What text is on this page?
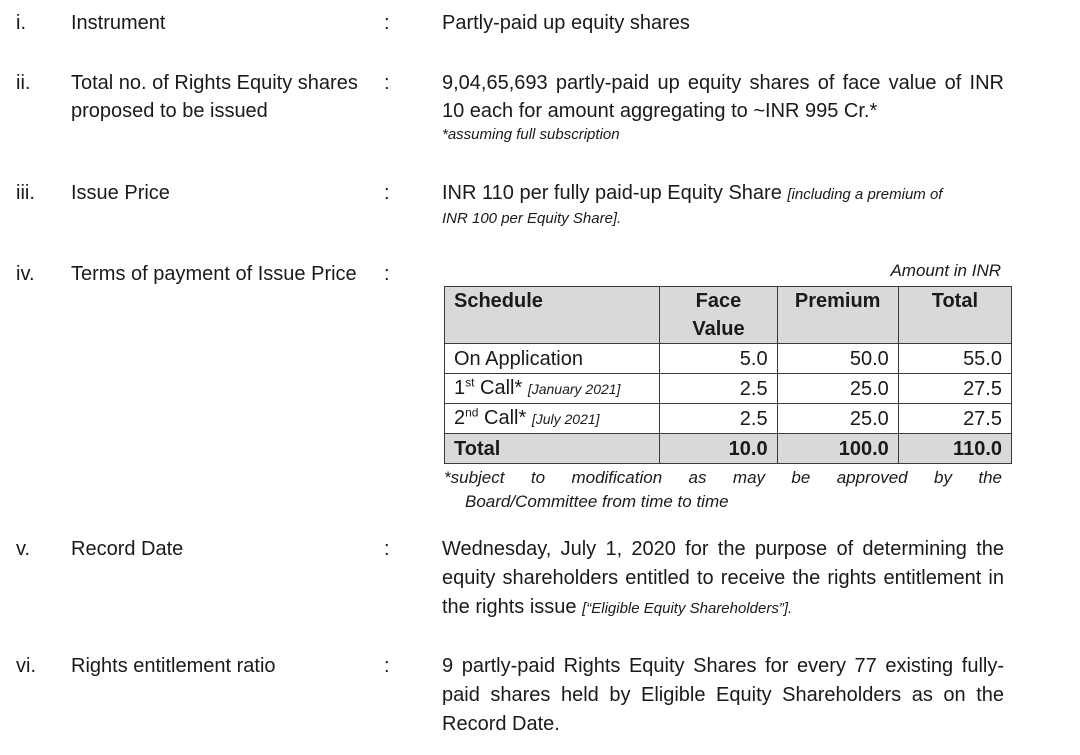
i. Instrument	:	Partly-paid up equity shares
ii. Total no. of Rights Equity shares proposed to be issued
:	9,04,65,693 partly-paid up equity shares of face value of INR 10 each for amount aggregating to ~INR 995 Cr.*
*assuming full subscription
iii. Issue Price	:	INR 110 per fully paid-up Equity Share [including a premium of
INR 100 per Equity Share].
iv. Terms of payment of Issue Price	:	Amount in INR
Schedule	Face Value	Premium	Total
On Application	5.0	50.0	55.0
1st Call* [January 2021]	2.5	25.0	27.5
2nd Call* [July 2021]	2.5	25.0	27.5
Total	10.0	100.0	110.0
*subject to modification as may be approved by the
Board/Committee from time to time
v. Record Date	:	Wednesday, July 1, 2020 for the purpose of determining the equity shareholders entitled to receive the rights entitlement in the rights issue [“Eligible Equity Shareholders”].
vi. Rights entitlement ratio	:	9 partly-paid Rights Equity Shares for every 77 existing fully-paid shares held by Eligible Equity Shareholders as on the Record Date.
